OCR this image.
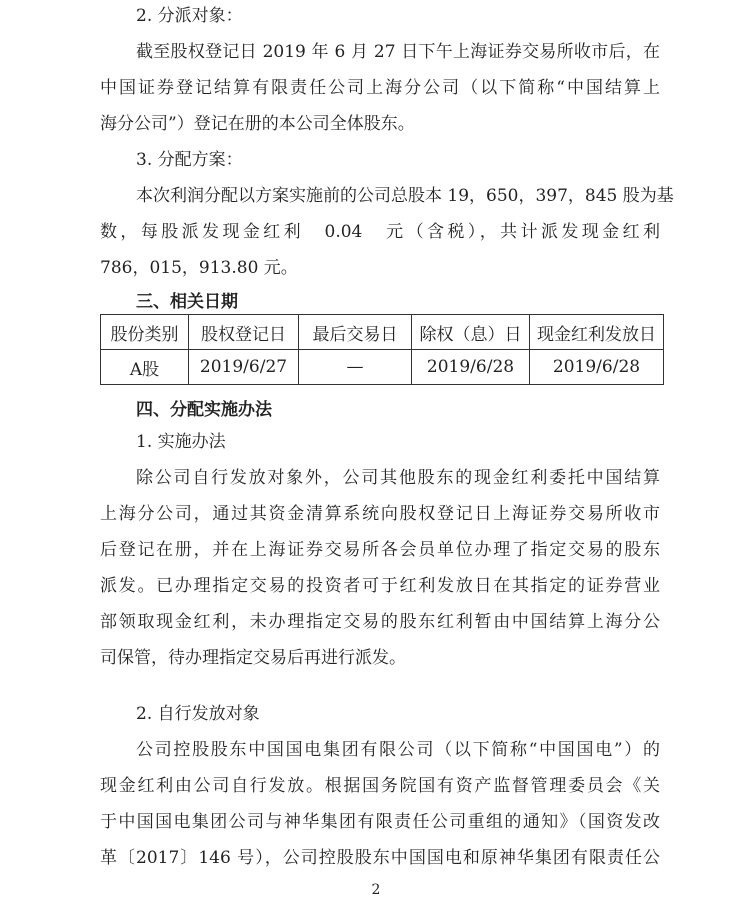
2. 分派对象：
截至股权登记日 2019 年 6 月 27 日下午上海证券交易所收市后，在
中国证券登记结算有限责任公司上海分公司（以下简称“中国结算上
海分公司”）登记在册的本公司全体股东。
3. 分配方案：
本次利润分配以方案实施前的公司总股本 19，650，397，845 股为基
数，每股派发现金红利　0.04　元（含税），共计派发现金红利
786，015，913.80 元。
三、相关日期
股份类别	股权登记日	最后交易日	除权（息）日	现金红利发放日
A股	2019/6/27	—	2019/6/28	2019/6/28
四、分配实施办法
1. 实施办法
除公司自行发放对象外，公司其他股东的现金红利委托中国结算
上海分公司，通过其资金清算系统向股权登记日上海证券交易所收市
后登记在册，并在上海证券交易所各会员单位办理了指定交易的股东
派发。已办理指定交易的投资者可于红利发放日在其指定的证券营业
部领取现金红利，未办理指定交易的股东红利暂由中国结算上海分公
司保管，待办理指定交易后再进行派发。
2. 自行发放对象
公司控股股东中国国电集团有限公司（以下简称“中国国电”）的
现金红利由公司自行发放。根据国务院国有资产监督管理委员会《关
于中国国电集团公司与神华集团有限责任公司重组的通知》（国资发改
革〔2017〕146 号），公司控股股东中国国电和原神华集团有限责任公
2
